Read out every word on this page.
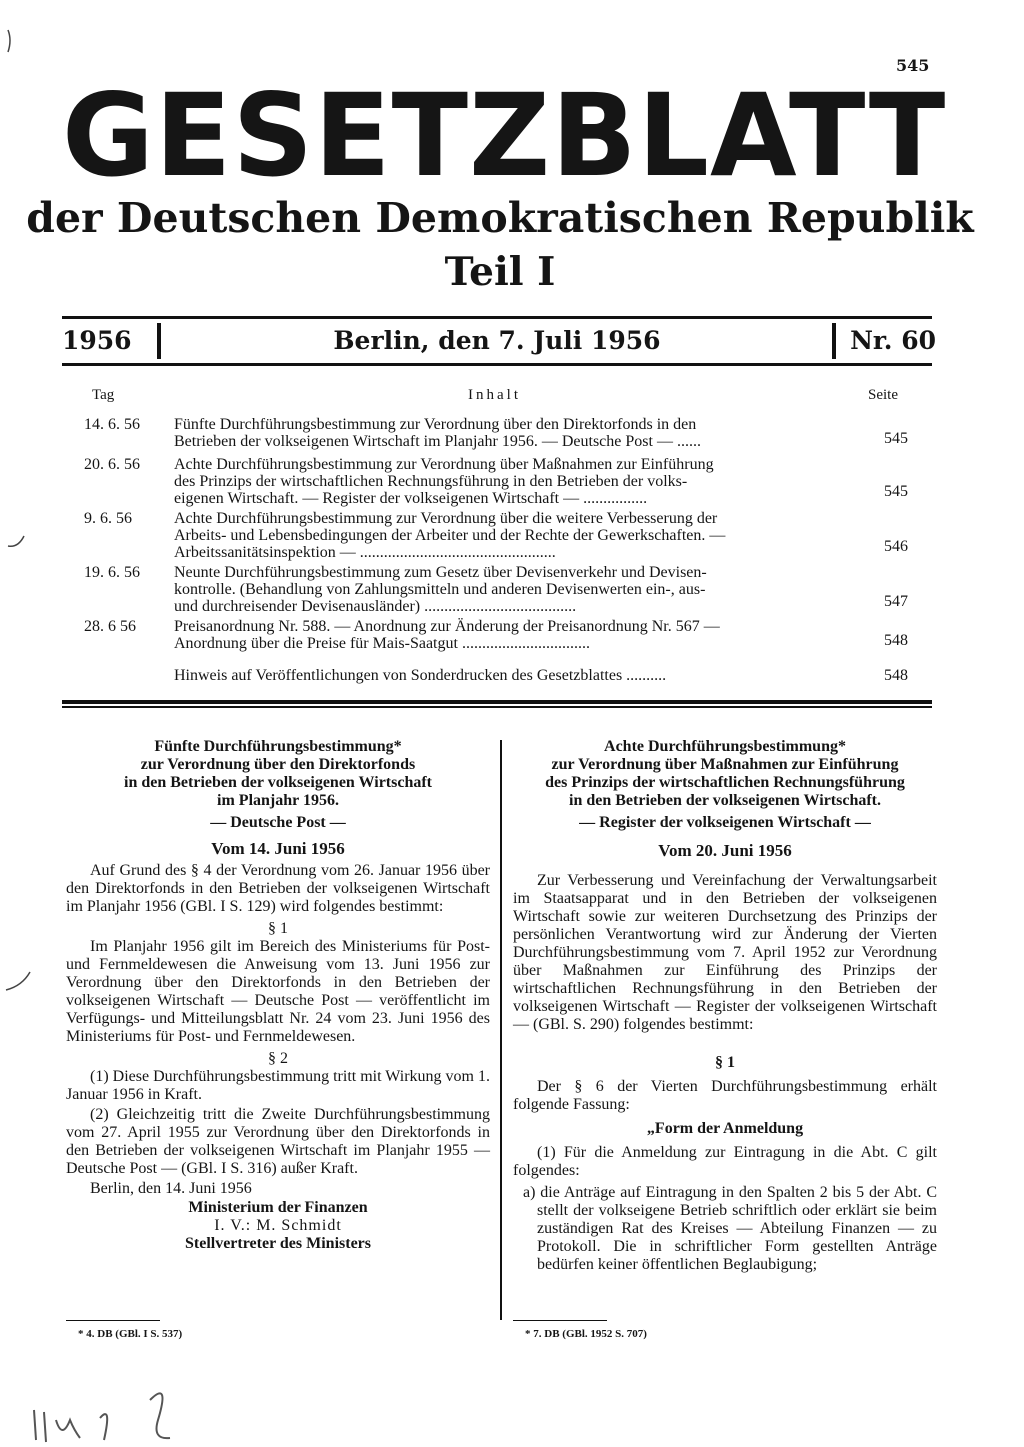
545
GESETZBLATT
der Deutschen Demokratischen Republik
Teil I
1956	Berlin, den 7. Juli 1956	Nr. 60
Tag	Inhalt	Seite
14. 6. 56	Fünfte Durchführungsbestimmung zur Verordnung über den Direktorfonds in den
Betrieben der volkseigenen Wirtschaft im Planjahr 1956. — Deutsche Post — ......	545
20. 6. 56	Achte Durchführungsbestimmung zur Verordnung über Maßnahmen zur Einführung
des Prinzips der wirtschaftlichen Rechnungsführung in den Betrieben der volks-
eigenen Wirtschaft. — Register der volkseigenen Wirtschaft — ................	545
9. 6. 56	Achte Durchführungsbestimmung zur Verordnung über die weitere Verbesserung der
Arbeits- und Lebensbedingungen der Arbeiter und der Rechte der Gewerkschaften. —
Arbeitssanitätsinspektion — .................................................	546
19. 6. 56	Neunte Durchführungsbestimmung zum Gesetz über Devisenverkehr und Devisen-
kontrolle. (Behandlung von Zahlungsmitteln und anderen Devisenwerten ein-, aus-
und durchreisender Devisenausländer) ......................................	547
28. 6 56	Preisanordnung Nr. 588. — Anordnung zur Änderung der Preisanordnung Nr. 567 —
Anordnung über die Preise für Mais-Saatgut ................................	548
Hinweis auf Veröffentlichungen von Sonderdrucken des Gesetzblattes ..........	548
Fünfte Durchführungsbestimmung*
zur Verordnung über den Direktorfonds
in den Betrieben der volkseigenen Wirtschaft
im Planjahr 1956.
— Deutsche Post —
Vom 14. Juni 1956
Auf Grund des § 4 der Verordnung vom 26. Januar 1956 über den Direktorfonds in den Betrieben der volkseigenen Wirtschaft im Planjahr 1956 (GBl. I S. 129) wird folgendes bestimmt:
§ 1
Im Planjahr 1956 gilt im Bereich des Ministeriums für Post- und Fernmeldewesen die Anweisung vom 13. Juni 1956 zur Verordnung über den Direktorfonds in den Betrieben der volkseigenen Wirtschaft — Deutsche Post — veröffentlicht im Verfügungs- und Mitteilungsblatt Nr. 24 vom 23. Juni 1956 des Ministeriums für Post- und Fernmeldewesen.
§ 2
(1) Diese Durchführungsbestimmung tritt mit Wirkung vom 1. Januar 1956 in Kraft.
(2) Gleichzeitig tritt die Zweite Durchführungsbestimmung vom 27. April 1955 zur Verordnung über den Direktorfonds in den Betrieben der volkseigenen Wirtschaft im Planjahr 1955 — Deutsche Post — (GBl. I S. 316) außer Kraft.
Berlin, den 14. Juni 1956
Ministerium der Finanzen
I. V.: M. Schmidt
Stellvertreter des Ministers
* 4. DB (GBl. I S. 537)
Achte Durchführungsbestimmung*
zur Verordnung über Maßnahmen zur Einführung
des Prinzips der wirtschaftlichen Rechnungsführung
in den Betrieben der volkseigenen Wirtschaft.
— Register der volkseigenen Wirtschaft —
Vom 20. Juni 1956
Zur Verbesserung und Vereinfachung der Verwaltungsarbeit im Staatsapparat und in den Betrieben der volkseigenen Wirtschaft sowie zur weiteren Durchsetzung des Prinzips der persönlichen Verantwortung wird zur Änderung der Vierten Durchführungsbestimmung vom 7. April 1952 zur Verordnung über Maßnahmen zur Einführung des Prinzips der wirtschaftlichen Rechnungsführung in den Betrieben der volkseigenen Wirtschaft — Register der volkseigenen Wirtschaft — (GBl. S. 290) folgendes bestimmt:
§ 1
Der § 6 der Vierten Durchführungsbestimmung erhält folgende Fassung:
„Form der Anmeldung
(1) Für die Anmeldung zur Eintragung in die Abt. C gilt folgendes:
a) die Anträge auf Eintragung in den Spalten 2 bis 5 der Abt. C stellt der volkseigene Betrieb schriftlich oder erklärt sie beim zuständigen Rat des Kreises — Abteilung Finanzen — zu Protokoll. Die in schriftlicher Form gestellten Anträge bedürfen keiner öffentlichen Beglaubigung;
* 7. DB (GBl. 1952 S. 707)
